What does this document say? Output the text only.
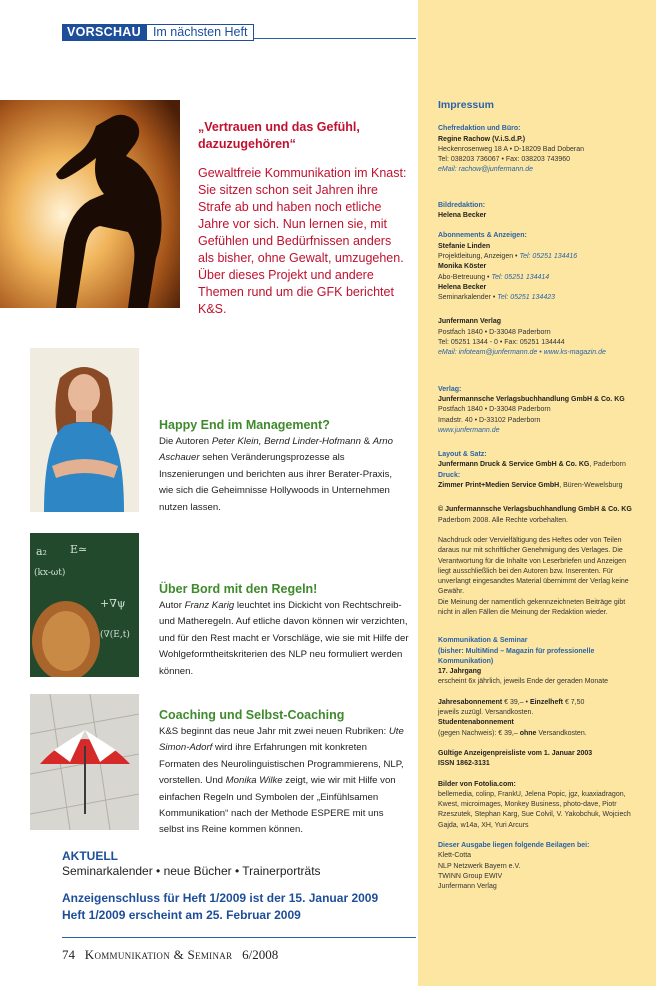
VORSCHAU Im nächsten Heft
„Vertrauen und das Gefühl, dazuzugehören“
Gewaltfreie Kommunikation im Knast: Sie sitzen schon seit Jahren ihre Strafe ab und haben noch etliche Jahre vor sich. Nun lernen sie, mit Gefühlen und Bedürfnissen anders als bisher, ohne Gewalt, umzugehen. Über dieses Projekt und andere Themen rund um die GFK berichtet K&S.
a₂ E≃
(kx-ωt)
+∇ψ
(∇(E,t)
Happy End im Management?
Die Autoren Peter Klein, Bernd Linder-Hofmann & Arno Aschauer sehen Veränderungsprozesse als Inszenierungen und berichten aus ihrer Berater-Praxis, wie sich die Geheimnisse Hollywoods in Unternehmen nutzen lassen.
Über Bord mit den Regeln!
Autor Franz Karig leuchtet ins Dickicht von Rechtschreib- und Matheregeln. Auf etliche davon können wir verzichten, und für den Rest macht er Vorschläge, wie sie mit Hilfe der Wohlgeformtheitskriterien des NLP neu formuliert werden können.
Coaching und Selbst-Coaching
K&S beginnt das neue Jahr mit zwei neuen Rubriken: Ute Simon-Adorf wird ihre Erfahrungen mit konkreten Formaten des Neurolinguistischen Programmierens, NLP, vorstellen. Und Monika Wilke zeigt, wie wir mit Hilfe von einfachen Regeln und Symbolen der „Einfühlsamen Kommunikation“ nach der Methode ESPERE mit uns selbst ins Reine kommen können.
AKTUELL
Seminarkalender • neue Bücher • Trainerporträts
Anzeigenschluss für Heft 1/2009 ist der 15. Januar 2009
Heft 1/2009 erscheint am 25. Februar 2009
74 Kommunikation & Seminar 6/2008
Impressum
Chefredaktion und Büro:
Regine Rachow (V.i.S.d.P.)
Heckenrosenweg 18 A • D-18209 Bad Doberan
Tel: 038203 736067 • Fax: 038203 743960
eMail: rachow@junfermann.de
Bildredaktion:
Helena Becker
Abonnements & Anzeigen:
Stefanie Linden
Projektleitung, Anzeigen • Tel: 05251 134416
Monika Köster
Abo-Betreuung • Tel: 05251 134414
Helena Becker
Seminarkalender • Tel: 05251 134423
Junfermann Verlag
Postfach 1840 • D-33048 Paderborn
Tel: 05251 1344 - 0 • Fax: 05251 134444
eMail: infoteam@junfermann.de • www.ks-magazin.de
Verlag:
Junfermannsche Verlagsbuchhandlung GmbH & Co. KG
Postfach 1840 • D-33048 Paderborn
Imadstr. 40 • D-33102 Paderborn
www.junfermann.de
Layout & Satz:
Junfermann Druck & Service GmbH & Co. KG, Paderborn
Druck:
Zimmer Print+Medien Service GmbH, Büren-Wewelsburg
© Junfermannsche Verlagsbuchhandlung GmbH & Co. KG
Paderborn 2008. Alle Rechte vorbehalten.
Nachdruck oder Vervielfältigung des Heftes oder von Teilen daraus nur mit schriftlicher Genehmigung des Verlages. Die Verantwortung für die Inhalte von Leserbriefen und Anzeigen liegt ausschließlich bei den Autoren bzw. Inserenten. Für unverlangt eingesandtes Material übernimmt der Verlag keine Gewähr.
Die Meinung der namentlich gekennzeichneten Beiträge gibt nicht in allen Fällen die Meinung der Redaktion wieder.
Kommunikation & Seminar
(bisher: MultiMind – Magazin für professionelle Kommunikation)
17. Jahrgang
erscheint 6x jährlich, jeweils Ende der geraden Monate
Jahresabonnement € 39,– • Einzelheft € 7,50
jeweils zuzügl. Versandkosten.
Studentenabonnement
(gegen Nachweis): € 39,– ohne Versandkosten.
Gültige Anzeigenpreisliste vom 1. Januar 2003
ISSN 1862-3131
Bilder von Fotolia.com:
bellemedia, colinp, FrankU, Jelena Popic, jgz, kuaxiadragon, Kwest, microimages, Monkey Business, photo-dave, Piotr Rzeszutek, Stephan Karg, Sue Colvil, V. Yakobchuk, Wojciech Gajda, w14a, XH, Yuri Arcurs
Dieser Ausgabe liegen folgende Beilagen bei:
Klett-Cotta
NLP Netzwerk Bayern e.V.
TWINN Group EWIV
Junfermann Verlag
